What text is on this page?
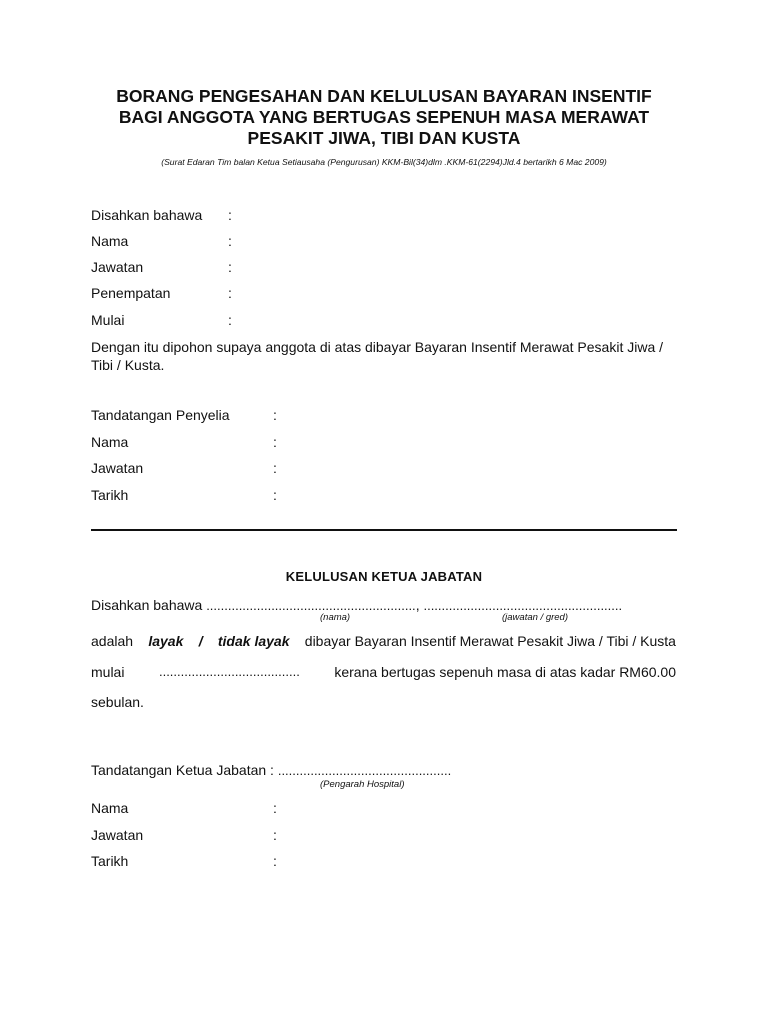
BORANG PENGESAHAN DAN KELULUSAN BAYARAN INSENTIF
BAGI ANGGOTA YANG BERTUGAS SEPENUH MASA MERAWAT
PESAKIT JIWA, TIBI DAN KUSTA
(Surat Edaran Tim balan Ketua Setiausaha (Pengurusan) KKM-Bil(34)dlm .KKM-61(2294)Jld.4 bertarikh 6 Mac 2009)
Disahkan bahawa :
Nama	:
Jawatan	:
Penempatan	:
Mulai	:
Dengan itu dipohon supaya anggota di atas dibayar Bayaran Insentif Merawat Pesakit Jiwa /
Tibi / Kusta.
Tandatangan Penyelia	:
Nama	:
Jawatan	:
Tarikh	:
KELULUSAN KETUA JABATAN
Disahkan bahawa .........................................................., .......................................................
(nama)	(jawatan / gred)
adalah layak / tidak layak dibayar Bayaran Insentif Merawat Pesakit Jiwa / Tibi / Kusta
mulai	....................................... kerana bertugas sepenuh masa di atas kadar RM60.00
sebulan.
Tandatangan Ketua Jabatan : ................................................
(Pengarah Hospital)
Nama	:
Jawatan	:
Tarikh	:
